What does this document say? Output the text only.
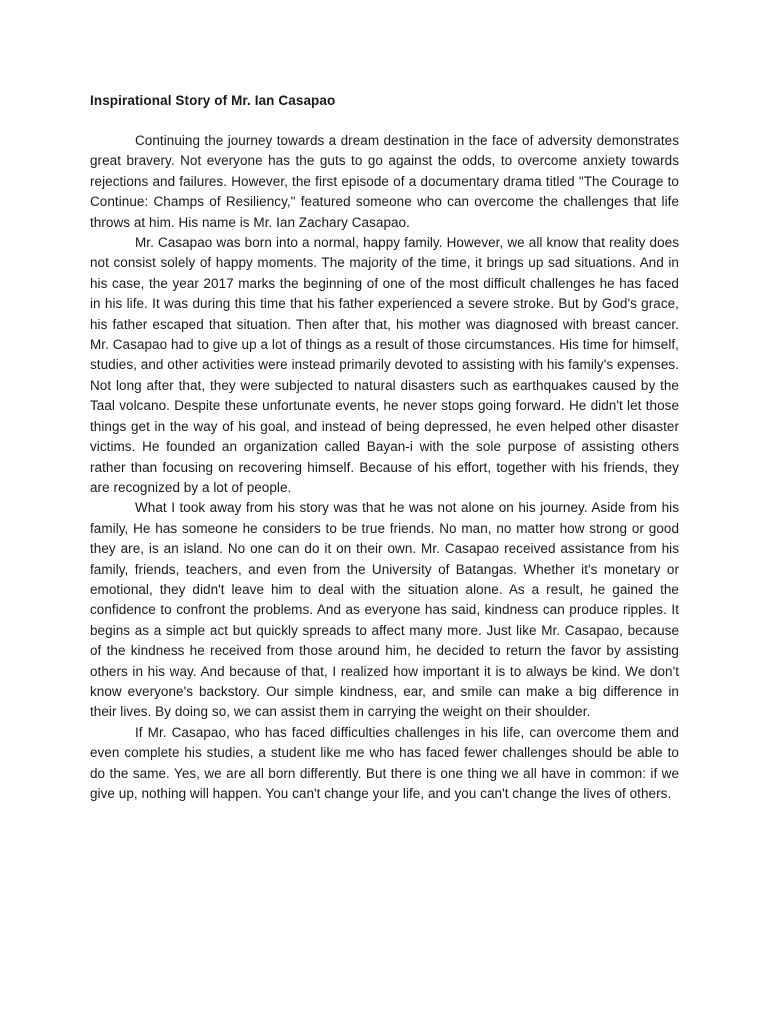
Inspirational Story of Mr. Ian Casapao

Continuing the journey towards a dream destination in the face of adversity demonstrates great bravery. Not everyone has the guts to go against the odds, to overcome anxiety towards rejections and failures. However, the first episode of a documentary drama titled "The Courage to Continue: Champs of Resiliency," featured someone who can overcome the challenges that life throws at him. His name is Mr. Ian Zachary Casapao.

Mr. Casapao was born into a normal, happy family. However, we all know that reality does not consist solely of happy moments. The majority of the time, it brings up sad situations. And in his case, the year 2017 marks the beginning of one of the most difficult challenges he has faced in his life. It was during this time that his father experienced a severe stroke. But by God's grace, his father escaped that situation. Then after that, his mother was diagnosed with breast cancer. Mr. Casapao had to give up a lot of things as a result of those circumstances. His time for himself, studies, and other activities were instead primarily devoted to assisting with his family's expenses. Not long after that, they were subjected to natural disasters such as earthquakes caused by the Taal volcano. Despite these unfortunate events, he never stops going forward. He didn't let those things get in the way of his goal, and instead of being depressed, he even helped other disaster victims. He founded an organization called Bayan-i with the sole purpose of assisting others rather than focusing on recovering himself. Because of his effort, together with his friends, they are recognized by a lot of people.

What I took away from his story was that he was not alone on his journey. Aside from his family, He has someone he considers to be true friends. No man, no matter how strong or good they are, is an island. No one can do it on their own. Mr. Casapao received assistance from his family, friends, teachers, and even from the University of Batangas. Whether it's monetary or emotional, they didn't leave him to deal with the situation alone. As a result, he gained the confidence to confront the problems. And as everyone has said, kindness can produce ripples. It begins as a simple act but quickly spreads to affect many more. Just like Mr. Casapao, because of the kindness he received from those around him, he decided to return the favor by assisting others in his way. And because of that, I realized how important it is to always be kind. We don't know everyone's backstory. Our simple kindness, ear, and smile can make a big difference in their lives. By doing so, we can assist them in carrying the weight on their shoulder.

If Mr. Casapao, who has faced difficulties challenges in his life, can overcome them and even complete his studies, a student like me who has faced fewer challenges should be able to do the same. Yes, we are all born differently. But there is one thing we all have in common: if we give up, nothing will happen. You can't change your life, and you can't change the lives of others.
